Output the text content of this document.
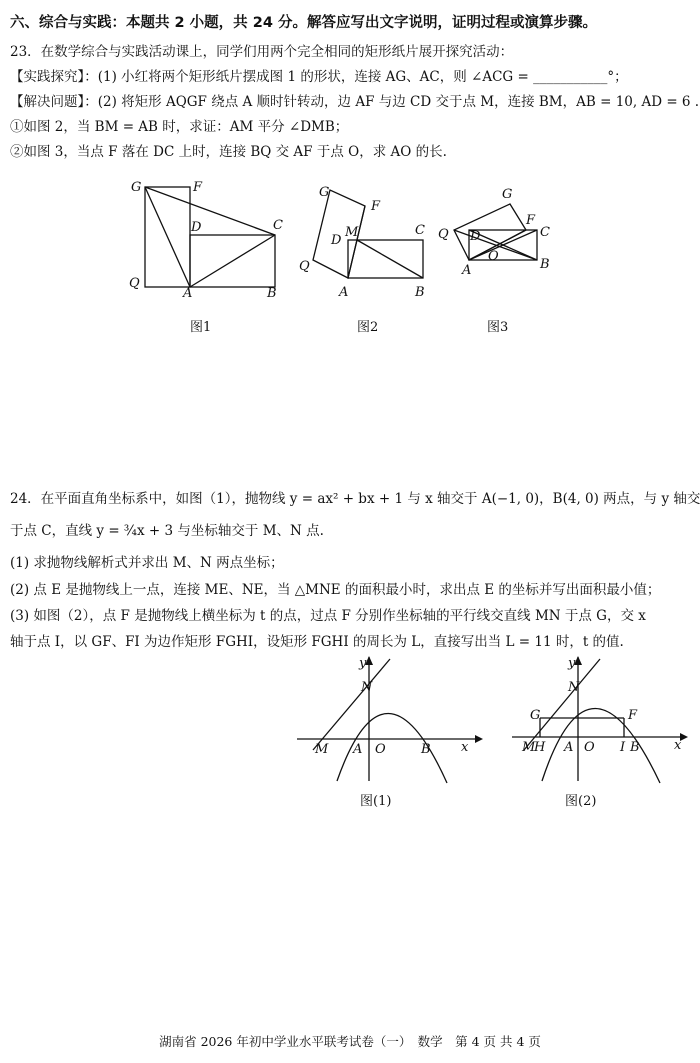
六、综合与实践：本题共 2 小题，共 24 分。解答应写出文字说明，证明过程或演算步骤。
23．在数学综合与实践活动课上，同学们用两个完全相同的矩形纸片展开探究活动：
【实践探究】：(1) 小红将两个矩形纸片摆成图 1 的形状，连接 AG、AC，则 ∠ACG = ___________°；
【解决问题】：(2) 将矩形 AQGF 绕点 A 顺时针转动，边 AF 与边 CD 交于点 M，连接 BM，AB = 10, AD = 6 .
①如图 2，当 BM = AB 时，求证：AM 平分 ∠DMB；
②如图 3，当点 F 落在 DC 上时，连接 BQ 交 AF 于点 O，求 AO 的长.
G	F
D	C
Q
A	B
图1
G
F
D
M	C
Q
A	B
图2
G
Q D
F
C
O
A	B
图3
24．在平面直角坐标系中，如图（1），抛物线 y = ax² + bx + 1 与 x 轴交于 A(−1, 0)，B(4, 0) 两点，与 y 轴交
于点 C，直线 y = ¾x + 3 与坐标轴交于 M、N 点.
(1) 求抛物线解析式并求出 M、N 两点坐标；
(2) 点 E 是抛物线上一点，连接 ME、NE，当 △MNE 的面积最小时，求出点 E 的坐标并写出面积最小值；
(3) 如图（2），点 F 是抛物线上横坐标为 t 的点，过点 F 分别作坐标轴的平行线交直线 MN 于点 G，交 x
轴于点 I，以 GF、FI 为边作矩形 FGHI，设矩形 FGHI 的周长为 L，直接写出当 L = 11 时，t 的值.
y
N
M A O	B x
图(1)
y
N
G	F
M
H A O I B	x
图(2)
湖南省 2026 年初中学业水平联考试卷（一）　数学　第 4 页 共 4 页
